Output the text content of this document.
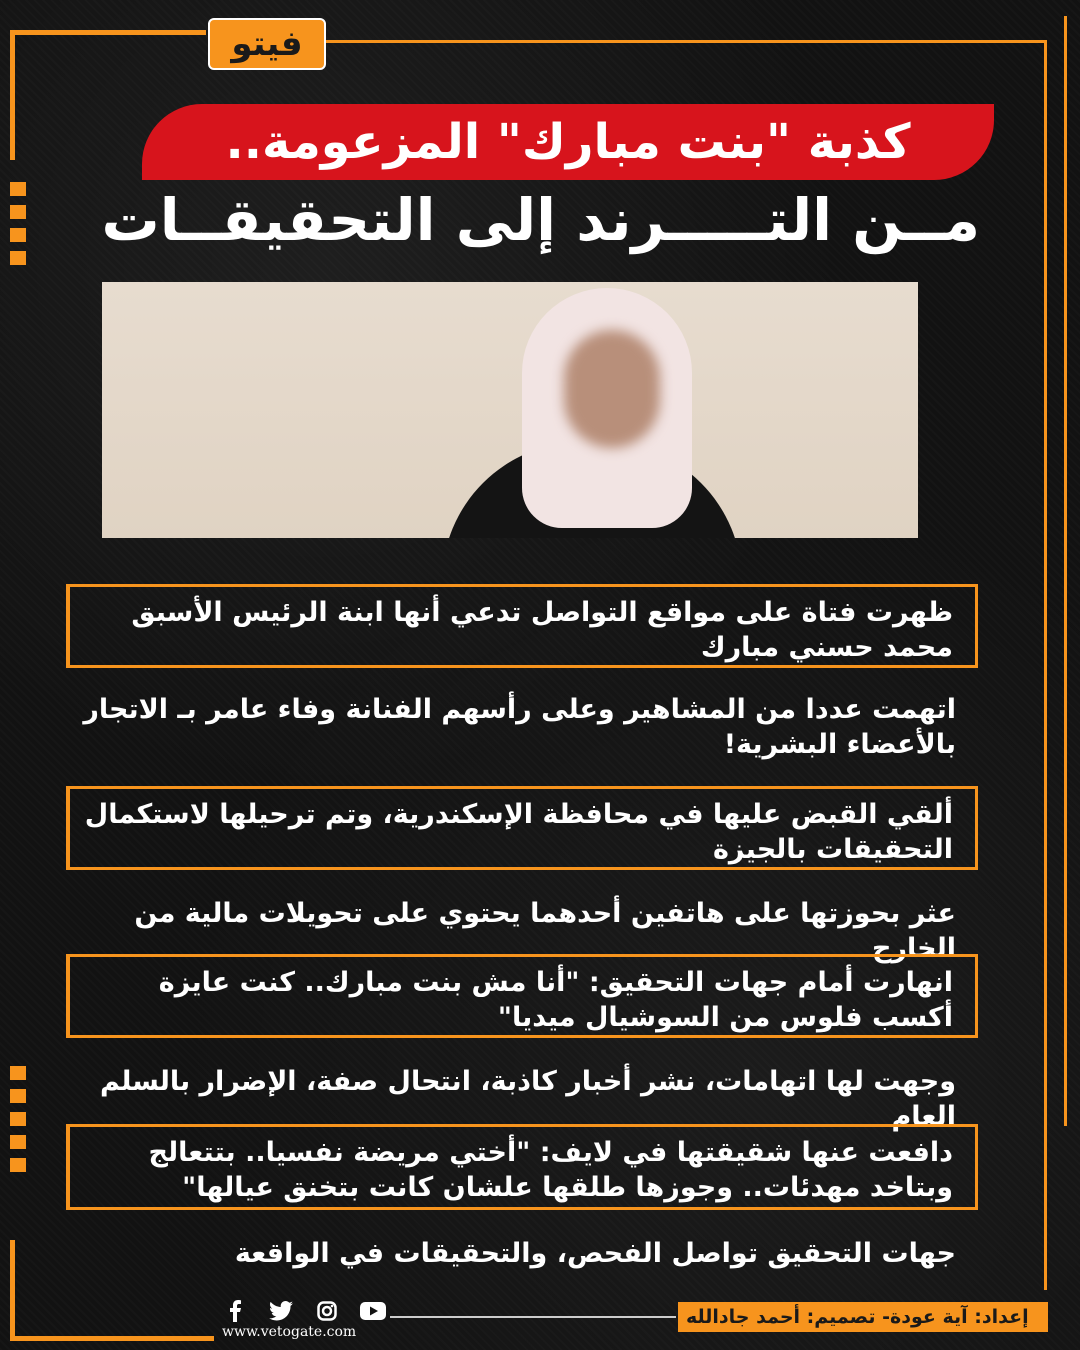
فيتو
كذبة "بنت مبارك" المزعومة..
مــن التـــــرند إلى التحقيقــات
ظهرت فتاة على مواقع التواصل تدعي أنها ابنة الرئيس الأسبق محمد حسني مبارك
اتهمت عددا من المشاهير وعلى رأسهم الفنانة وفاء عامر بـ الاتجار بالأعضاء البشرية!
ألقي القبض عليها في محافظة الإسكندرية، وتم ترحيلها لاستكمال التحقيقات بالجيزة
عثر بحوزتها على هاتفين أحدهما يحتوي على تحويلات مالية من الخارج
انهارت أمام جهات التحقيق: "أنا مش بنت مبارك.. كنت عايزة أكسب فلوس من السوشيال ميديا"
وجهت لها اتهامات، نشر أخبار كاذبة، انتحال صفة، الإضرار بالسلم العام
دافعت عنها شقيقتها في لايف: "أختي مريضة نفسيا.. بتتعالج وبتاخد مهدئات.. وجوزها طلقها علشان كانت بتخنق عيالها"
جهات التحقيق تواصل الفحص، والتحقيقات في الواقعة
www.vetogate.com
إعداد: آية عودة- تصميم: أحمد جادالله
